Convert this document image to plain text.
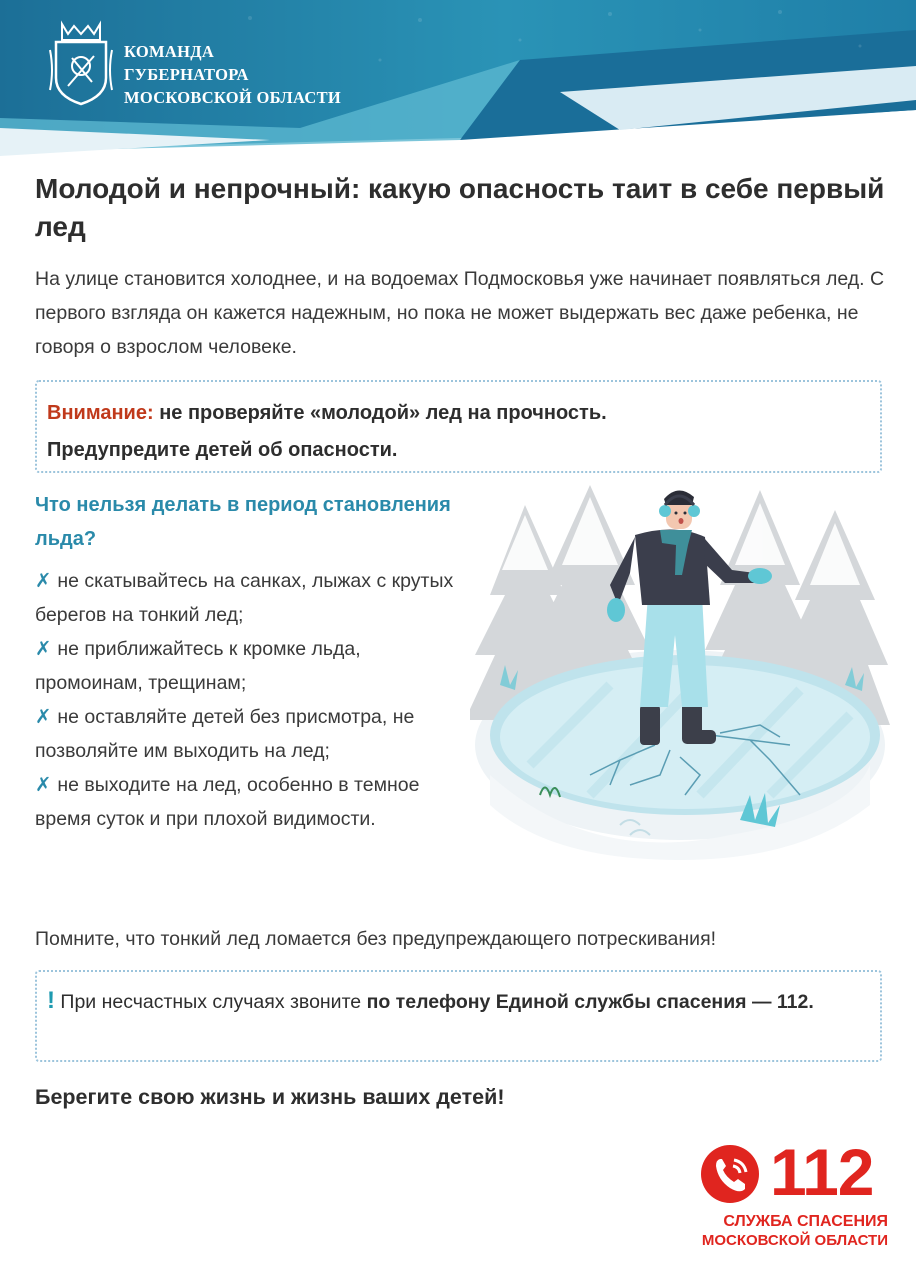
КОМАНДА
ГУБЕРНАТОРА
МОСКОВСКОЙ ОБЛАСТИ
Молодой и непрочный: какую опасность таит в себе первый лед

На улице становится холоднее, и на водоемах Подмосковья уже начинает появляться лед. С первого взгляда он кажется надежным, но пока не может выдержать вес даже ребенка, не говоря о взрослом человеке.

Внимание: не проверяйте «молодой» лед на прочность.
Предупредите детей об опасности.
Что нельзя делать в период становления льда?
✗ не скатывайтесь на санках, лыжах с крутых берегов на тонкий лед;
✗ не приближайтесь к кромке льда, промоинам, трещинам;
✗ не оставляйте детей без присмотра, не позволяйте им выходить на лед;
✗ не выходите на лед, особенно в темное время суток и при плохой видимости.
Помните, что тонкий лед ломается без предупреждающего потрескивания!
! При несчастных случаях звоните по телефону Единой службы спасения — 112.
Берегите свою жизнь и жизнь ваших детей!
112
СЛУЖБА СПАСЕНИЯ
МОСКОВСКОЙ ОБЛАСТИ
